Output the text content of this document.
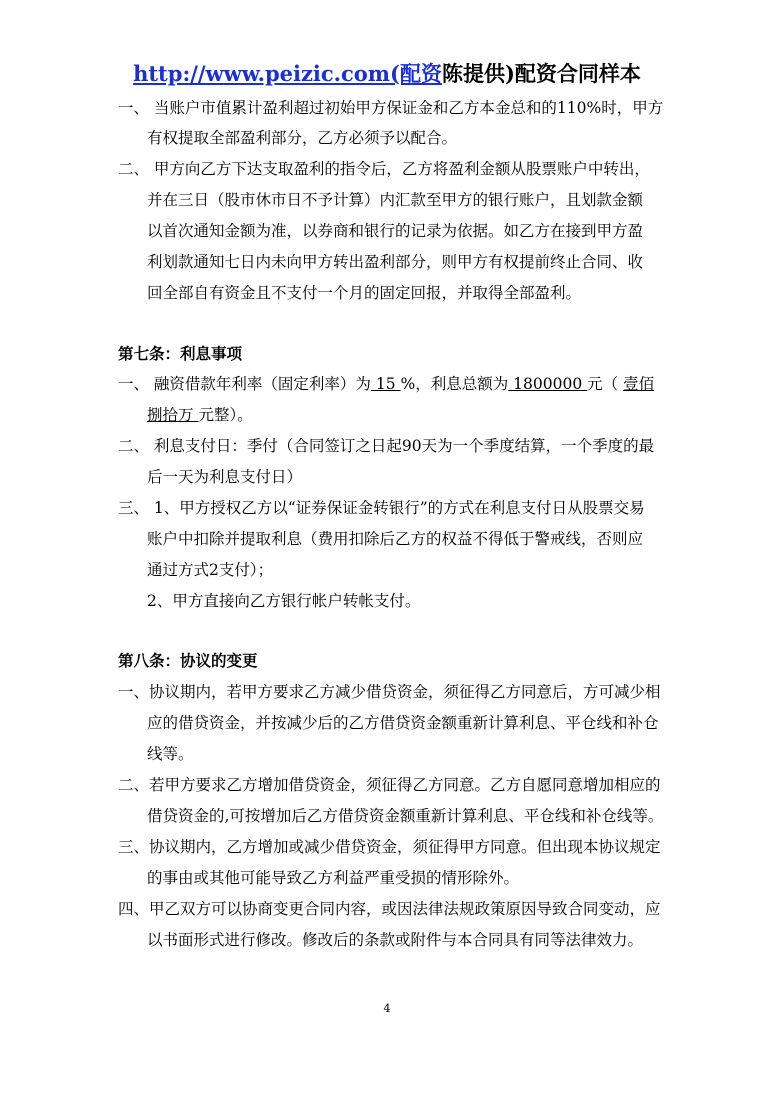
http://www.peizic.com(配资陈提供)配资合同样本
一、 当账户市值累计盈利超过初始甲方保证金和乙方本金总和的110%时，甲方
有权提取全部盈利部分，乙方必须予以配合。
二、 甲方向乙方下达支取盈利的指令后，乙方将盈利金额从股票账户中转出，
并在三日（股市休市日不予计算）内汇款至甲方的银行账户，且划款金额
以首次通知金额为准，以券商和银行的记录为依据。如乙方在接到甲方盈
利划款通知七日内未向甲方转出盈利部分，则甲方有权提前终止合同、收
回全部自有资金且不支付一个月的固定回报，并取得全部盈利。
第七条：利息事项
一、 融资借款年利率（固定利率）为 15 %，利息总额为 1800000 元（ 壹佰
捌拾万 元整）。
二、 利息支付日：季付（合同签订之日起90天为一个季度结算，一个季度的最
后一天为利息支付日）
三、 1、甲方授权乙方以“证券保证金转银行”的方式在利息支付日从股票交易
账户中扣除并提取利息（费用扣除后乙方的权益不得低于警戒线，否则应
通过方式2支付）；
2、甲方直接向乙方银行帐户转帐支付。
第八条：协议的变更
一、协议期内，若甲方要求乙方减少借贷资金，须征得乙方同意后，方可减少相
应的借贷资金，并按减少后的乙方借贷资金额重新计算利息、平仓线和补仓
线等。
二、若甲方要求乙方增加借贷资金，须征得乙方同意。乙方自愿同意增加相应的
借贷资金的,可按增加后乙方借贷资金额重新计算利息、平仓线和补仓线等。
三、协议期内，乙方增加或减少借贷资金，须征得甲方同意。但出现本协议规定
的事由或其他可能导致乙方利益严重受损的情形除外。
四、甲乙双方可以协商变更合同内容，或因法律法规政策原因导致合同变动，应
以书面形式进行修改。修改后的条款或附件与本合同具有同等法律效力。
4
